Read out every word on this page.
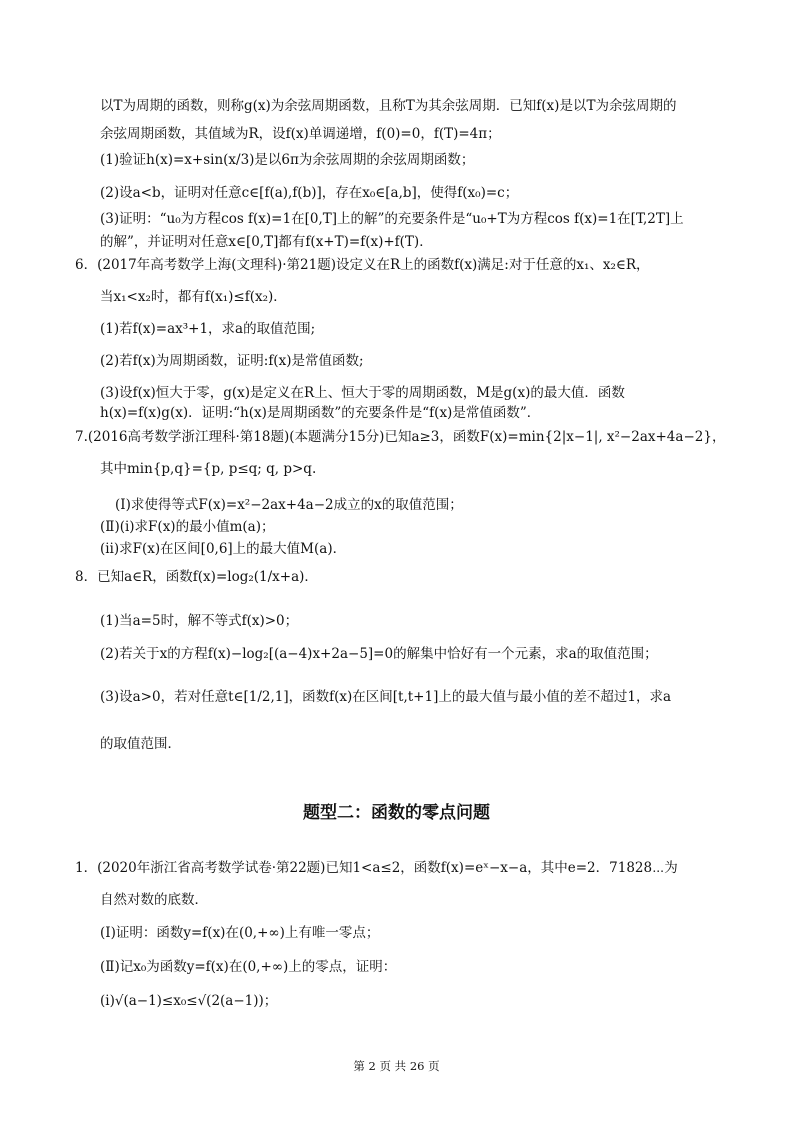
以T为周期的函数，则称g(x)为余弦周期函数，且称T为其余弦周期．已知f(x)是以T为余弦周期的
余弦周期函数，其值域为R，设f(x)单调递增，f(0)=0，f(T)=4π；
(1)验证h(x)=x+sin(x/3)是以6π为余弦周期的余弦周期函数；
(2)设a<b，证明对任意c∈[f(a),f(b)]，存在x₀∈[a,b]，使得f(x₀)=c；
(3)证明：“u₀为方程cos f(x)=1在[0,T]上的解”的充要条件是“u₀+T为方程cos f(x)=1在[T,2T]上
的解”，并证明对任意x∈[0,T]都有f(x+T)=f(x)+f(T)．
6．(2017年高考数学上海(文理科)·第21题)设定义在R上的函数f(x)满足:对于任意的x₁、x₂∈R，
当x₁<x₂时，都有f(x₁)≤f(x₂)．
(1)若f(x)=ax³+1，求a的取值范围;
(2)若f(x)为周期函数，证明:f(x)是常值函数;
(3)设f(x)恒大于零，g(x)是定义在R上、恒大于零的周期函数，M是g(x)的最大值．函数
h(x)=f(x)g(x)．证明:“h(x)是周期函数”的充要条件是“f(x)是常值函数”．
7.(2016高考数学浙江理科·第18题)(本题满分15分)已知a≥3，函数F(x)=min{2|x−1|, x²−2ax+4a−2}，
其中min{p,q}={p, p≤q; q, p>q.
(Ⅰ)求使得等式F(x)=x²−2ax+4a−2成立的x的取值范围；
(Ⅱ)(ⅰ)求F(x)的最小值m(a)；
(ⅱ)求F(x)在区间[0,6]上的最大值M(a)．
8．已知a∈R，函数f(x)=log₂(1/x+a)．
(1)当a=5时，解不等式f(x)>0；
(2)若关于x的方程f(x)−log₂[(a−4)x+2a−5]=0的解集中恰好有一个元素，求a的取值范围；
(3)设a>0，若对任意t∈[1/2,1]，函数f(x)在区间[t,t+1]上的最大值与最小值的差不超过1，求a
的取值范围．
题型二：函数的零点问题
1．(2020年浙江省高考数学试卷·第22题)已知1<a≤2，函数f(x)=eˣ−x−a，其中e=2．71828⋯为
自然对数的底数．
(Ⅰ)证明：函数y=f(x)在(0,+∞)上有唯一零点；
(Ⅱ)记x₀为函数y=f(x)在(0,+∞)上的零点，证明：
(ⅰ)√(a−1)≤x₀≤√(2(a−1))；
第 2 页 共 26 页
